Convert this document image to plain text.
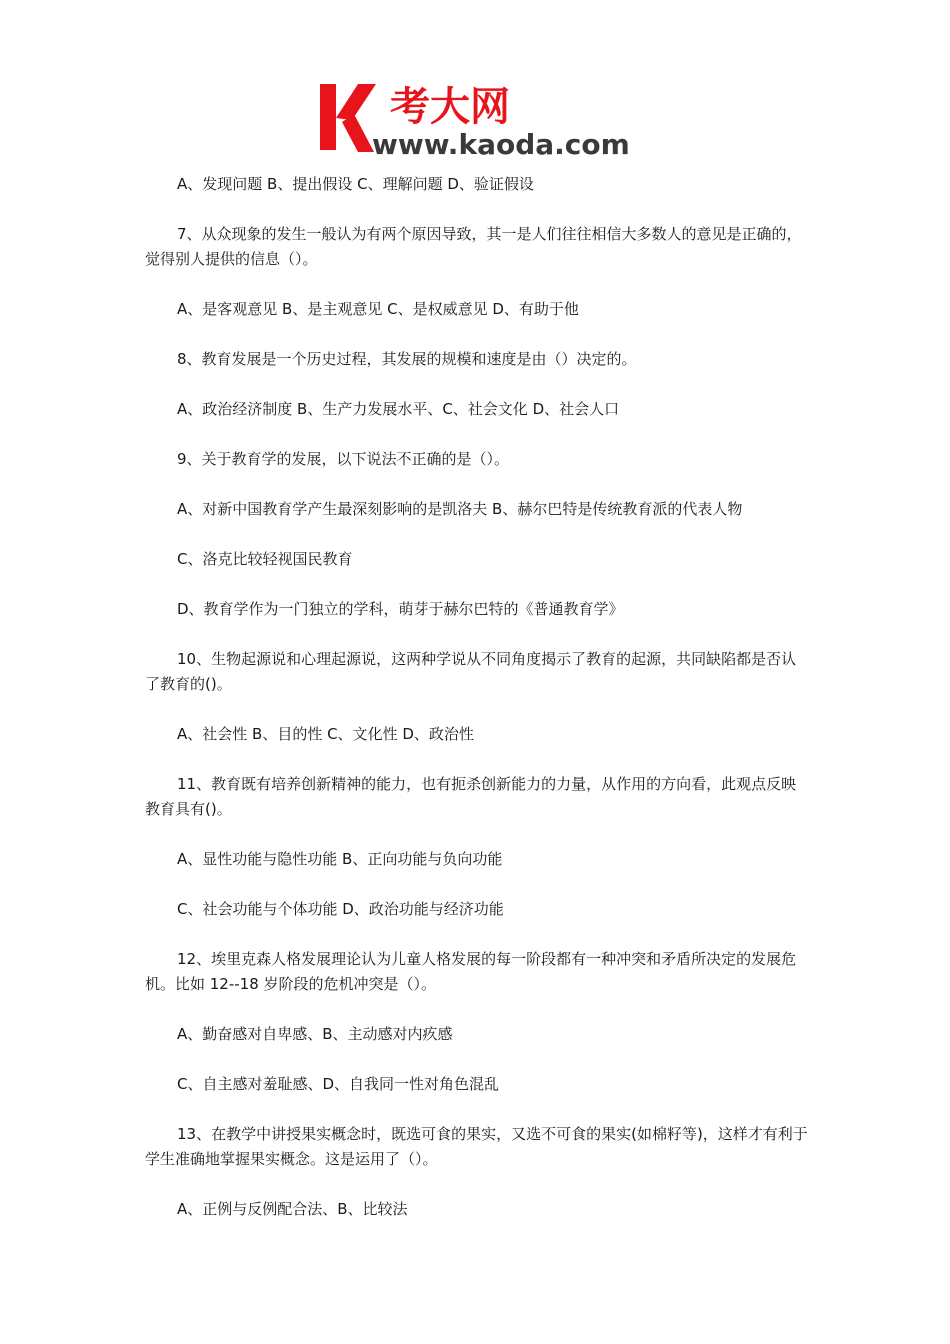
考大网
www.kaoda.com

A、发现问题 B、提出假设 C、理解问题 D、验证假设

7、从众现象的发生一般认为有两个原因导致，其一是人们往往相信大多数人的意见是正确的，觉得别人提供的信息（）。

A、是客观意见 B、是主观意见 C、是权威意见 D、有助于他

8、教育发展是一个历史过程，其发展的规模和速度是由（）决定的。

A、政治经济制度 B、生产力发展水平、C、社会文化 D、社会人口

9、关于教育学的发展，以下说法不正确的是（）。

A、对新中国教育学产生最深刻影响的是凯洛夫 B、赫尔巴特是传统教育派的代表人物

C、洛克比较轻视国民教育

D、教育学作为一门独立的学科，萌芽于赫尔巴特的《普通教育学》

10、生物起源说和心理起源说，这两种学说从不同角度揭示了教育的起源，共同缺陷都是否认了教育的()。

A、社会性 B、目的性 C、文化性 D、政治性

11、教育既有培养创新精神的能力，也有扼杀创新能力的力量，从作用的方向看，此观点反映教育具有()。

A、显性功能与隐性功能 B、正向功能与负向功能

C、社会功能与个体功能 D、政治功能与经济功能

12、埃里克森人格发展理论认为儿童人格发展的每一阶段都有一种冲突和矛盾所决定的发展危机。比如 12--18 岁阶段的危机冲突是（）。

A、勤奋感对自卑感、B、主动感对内疚感

C、自主感对羞耻感、D、自我同一性对角色混乱

13、在教学中讲授果实概念时，既选可食的果实，又选不可食的果实(如棉籽等)，这样才有利于学生准确地掌握果实概念。这是运用了（）。

A、正例与反例配合法、B、比较法
